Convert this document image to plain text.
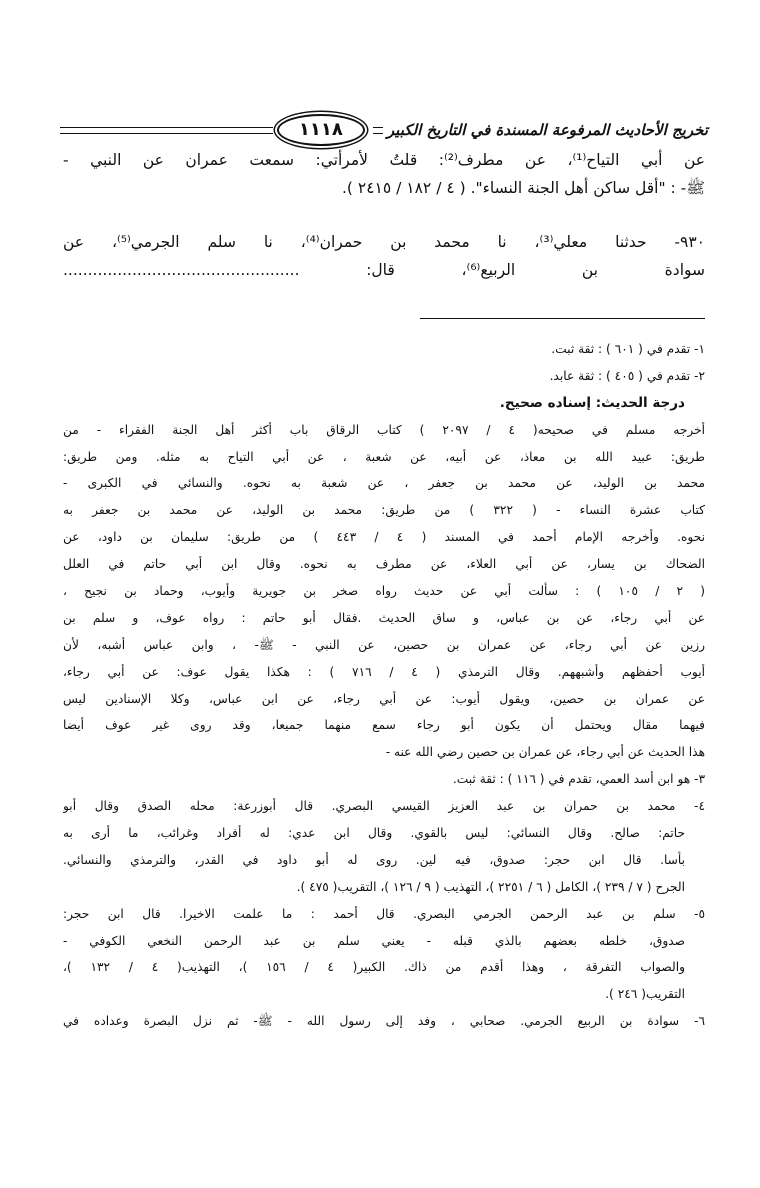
تخريج الأحاديث المرفوعة المسندة في التاريخ الكبير
١١١٨
عن أبي التياح⁽¹⁾، عن مطرف⁽²⁾: قلتُ لأمرأتي: سمعت عمران عن النبي -
ﷺ- : "أقل ساكن أهل الجنة النساء". ( ٤ / ١٨٢ / ٢٤١٥ ).
٩٣٠- حدثنا معلي⁽³⁾، نا محمد بن حمران⁽⁴⁾، نا سلم الجرمي⁽⁵⁾، عن
سوادة بن الربيع⁽⁶⁾، قال: ................................................
١- تقدم في ( ٦٠١ ) : ثقة ثبت.
٢- تقدم في ( ٤٠٥ ) : ثقة عابد.
درجة الحديث: إسناده صحيح.
أخرجه مسلم في صحيحه( ٤ / ٢٠٩٧ ) كتاب الرقاق باب أكثر أهل الجنة الفقراء - من
طريق: عبيد الله بن معاذ، عن أبيه، عن شعبة ، عن أبي التياح به مثله. ومن طريق:
محمد بن الوليد، عن محمد بن جعفر ، عن شعبة به نحوه. والنسائي في الكبرى -
كتاب عشرة النساء - ( ٣٢٢ ) من طريق: محمد بن الوليد، عن محمد بن جعفر به
نحوه. وأخرجه الإمام أحمد في المسند ( ٤ / ٤٤٣ ) من طريق: سليمان بن داود، عن
الضحاك بن يسار، عن أبي العلاء، عن مطرف به نحوه. وقال ابن أبي حاتم في العلل
( ٢ / ١٠٥ ) : سألت أبي عن حديث رواه صخر بن جويرية وأيوب، وحماد بن نجيح ،
عن أبي رجاء، عن بن عباس، و ساق الحديث .فقال أبو حاتم : رواه عوف، و سلم بن
رزين عن أبي رجاء، عن عمران بن حصين، عن النبي - ﷺ- ، وابن عباس أشبه، لأن
أيوب أحفظهم وأشبههم. وقال الترمذي ( ٤ / ٧١٦ ) : هكذا يقول عوف: عن أبي رجاء،
عن عمران بن حصين، ويقول أيوب: عن أبي رجاء، عن ابن عباس، وكلا الإسنادين ليس
فيهما مقال ويحتمل أن يكون أبو رجاء سمع منهما جميعا، وقد روى غير عوف أيضا
هذا الحديث عن أبي رجاء، عن عمران بن حصين رضي الله عنه -
٣- هو ابن أسد العمي، تقدم في ( ١١٦ ) : ثقة ثبت.
٤- محمد بن حمران بن عبد العزيز القيسي البصري. قال أبوزرعة: محله الصدق وقال أبو
حاتم: صالح. وقال النسائي: ليس بالقوي. وقال ابن عدي: له أفراد وغرائب، ما أرى به
بأسا. قال ابن حجر: صدوق، فيه لين. روى له أبو داود في القدر، والترمذي والنسائي.
الجرح ( ٧ / ٢٣٩ )، الكامل ( ٦ / ٢٢٥١ )، التهذيب ( ٩ / ١٢٦ )، التقريب( ٤٧٥ ).
٥- سلم بن عبد الرحمن الجرمي البصري. قال أحمد : ما علمت الاخيرا. قال ابن حجر:
صدوق، خلطه بعضهم بالذي قبله - يعني سلم بن عبد الرحمن النخعي الكوفي -
والصواب التفرقة ، وهذا أقدم من ذاك. الكبير( ٤ / ١٥٦ )، التهذيب( ٤ / ١٣٢ )،
التقريب( ٢٤٦ ).
٦- سوادة بن الربيع الجرمي. صحابي ، وفد إلى رسول الله - ﷺ- ثم نزل البصرة وعداده في
